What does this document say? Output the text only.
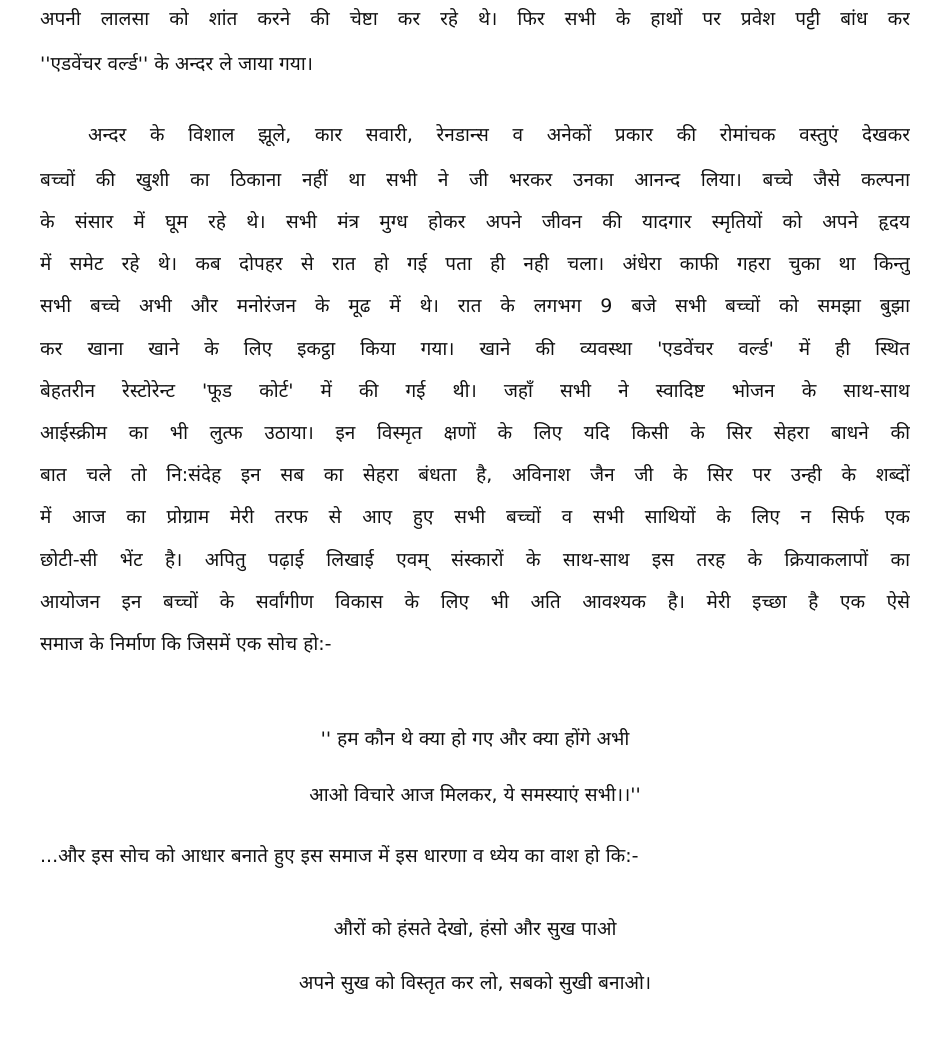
अपनी लालसा को शांत करने की चेष्टा कर रहे थे। फिर सभी के हाथों पर प्रवेश पट्टी बांध कर
''एडवेंचर वर्ल्ड'' के अन्दर ले जाया गया।
अन्दर के विशाल झूले, कार सवारी, रेनडान्स व अनेकों प्रकार की रोमांचक वस्तुएं देखकर
बच्चों की खुशी का ठिकाना नहीं था सभी ने जी भरकर उनका आनन्द लिया। बच्चे जैसे कल्पना
के संसार में घूम रहे थे। सभी मंत्र मुग्ध होकर अपने जीवन की यादगार स्मृतियों को अपने हृदय
में समेट रहे थे। कब दोपहर से रात हो गई पता ही नही चला। अंधेरा काफी गहरा चुका था किन्तु
सभी बच्चे अभी और मनोरंजन के मूढ में थे। रात के लगभग 9 बजे सभी बच्चों को समझा बुझा
कर खाना खाने के लिए इकट्ठा किया गया। खाने की व्यवस्था 'एडवेंचर वर्ल्ड' में ही स्थित
बेहतरीन रेस्टोरेन्ट 'फूड कोर्ट' में की गई थी। जहाँ सभी ने स्वादिष्ट भोजन के साथ-साथ
आईस्क्रीम का भी लुत्फ उठाया। इन विस्मृत क्षणों के लिए यदि किसी के सिर सेहरा बाधने की
बात चले तो नि:संदेह इन सब का सेहरा बंधता है, अविनाश जैन जी के सिर पर उन्ही के शब्दों
में आज का प्रोग्राम मेरी तरफ से आए हुए सभी बच्चों व सभी साथियों के लिए न सिर्फ एक
छोटी-सी भेंट है। अपितु पढ़ाई लिखाई एवम् संस्कारों के साथ-साथ इस तरह के क्रियाकलापों का
आयोजन इन बच्चों के सर्वांगीण विकास के लिए भी अति आवश्यक है। मेरी इच्छा है एक ऐसे
समाज के निर्माण कि जिसमें एक सोच हो:-
'' हम कौन थे क्या हो गए और क्या होंगे अभी
आओ विचारे आज मिलकर, ये समस्याएं सभी।।''
...और इस सोच को आधार बनाते हुए इस समाज में इस धारणा व ध्येय का वाश हो कि:-
औरों को हंसते देखो, हंसो और सुख पाओ
अपने सुख को विस्तृत कर लो, सबको सुखी बनाओ।
